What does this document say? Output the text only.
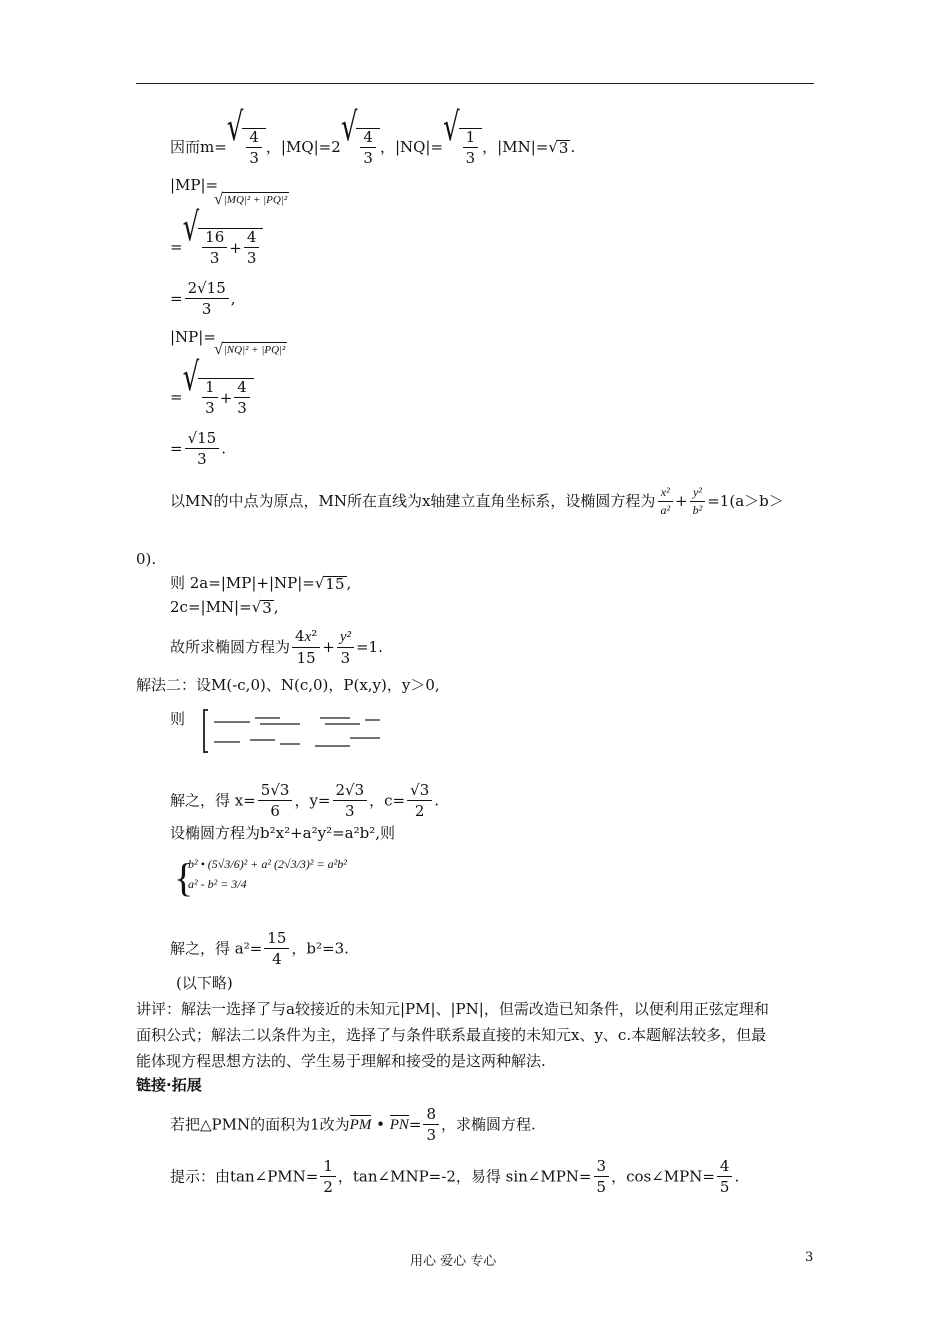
因而m= √ $\frac{4}{3}$ ，|MQ|=2 √ $\frac{4}{3}$ ，|NQ|= √ $\frac{1}{3}$ ，|MN|= √ 3 .
|MP|=
√ |MQ|² + |PQ|²
= √ $\frac{16}{3} + \frac{4}{3}$
= $\frac{2√15}{3}$ ,
|NP|=
√ |NQ|² + |PQ|²
= √ $\frac{1}{3} + \frac{4}{3}$
= $\frac{√15}{3}$ .
以MN的中点为原点，MN所在直线为x轴建立直角坐标系，设椭圆方程为 $\frac{\text{x²}}{\text{a²}} + \frac{\text{y²}}{\text{b²}} =1(a>b>$
0).
则 2a=|MP|+|NP|= √ 15 ,
2c=|MN|= √ 3 ,
故所求椭圆方程为 $\frac{\text{4x²}}{15} + \frac{\text{y²}}{3} =1$.
解法二：设M(-c,0)、N(c,0)，P(x,y)，y＞0,
则
解之，得 $x= \frac{5√3}{6}$ ，$y= \frac{2√3}{3}$ ，$c= \frac{√3}{2}$ .
设椭圆方程为b²x²+a²y²=a²b²,则
{
b² • (5√3/6)² + a² (2√3/3)² = a²b²
a² - b² = 3/4
解之，得 $a^2= \frac{15}{4}$ ，b²=3.
(以下略)
讲评：解法一选择了与a较接近的未知元|PM|、|PN|，但需改造已知条件，以便利用正弦定理和
面积公式；解法二以条件为主，选择了与条件联系最直接的未知元x、y、c.本题解法较多，但最
能体现方程思想方法的、学生易于理解和接受的是这两种解法.
链接·拓展
若把△PMN的面积为1改为PM • $PN= \frac{8}{3}$ ，求椭圆方程.
提示：由tan∠PMN= $\frac{1}{2}$ ，tan∠MNP=-2，易得 sin∠MPN= $\frac{3}{5}$ ，cos∠MPN= $\frac{4}{5}$ .
用心 爱心 专心	3
